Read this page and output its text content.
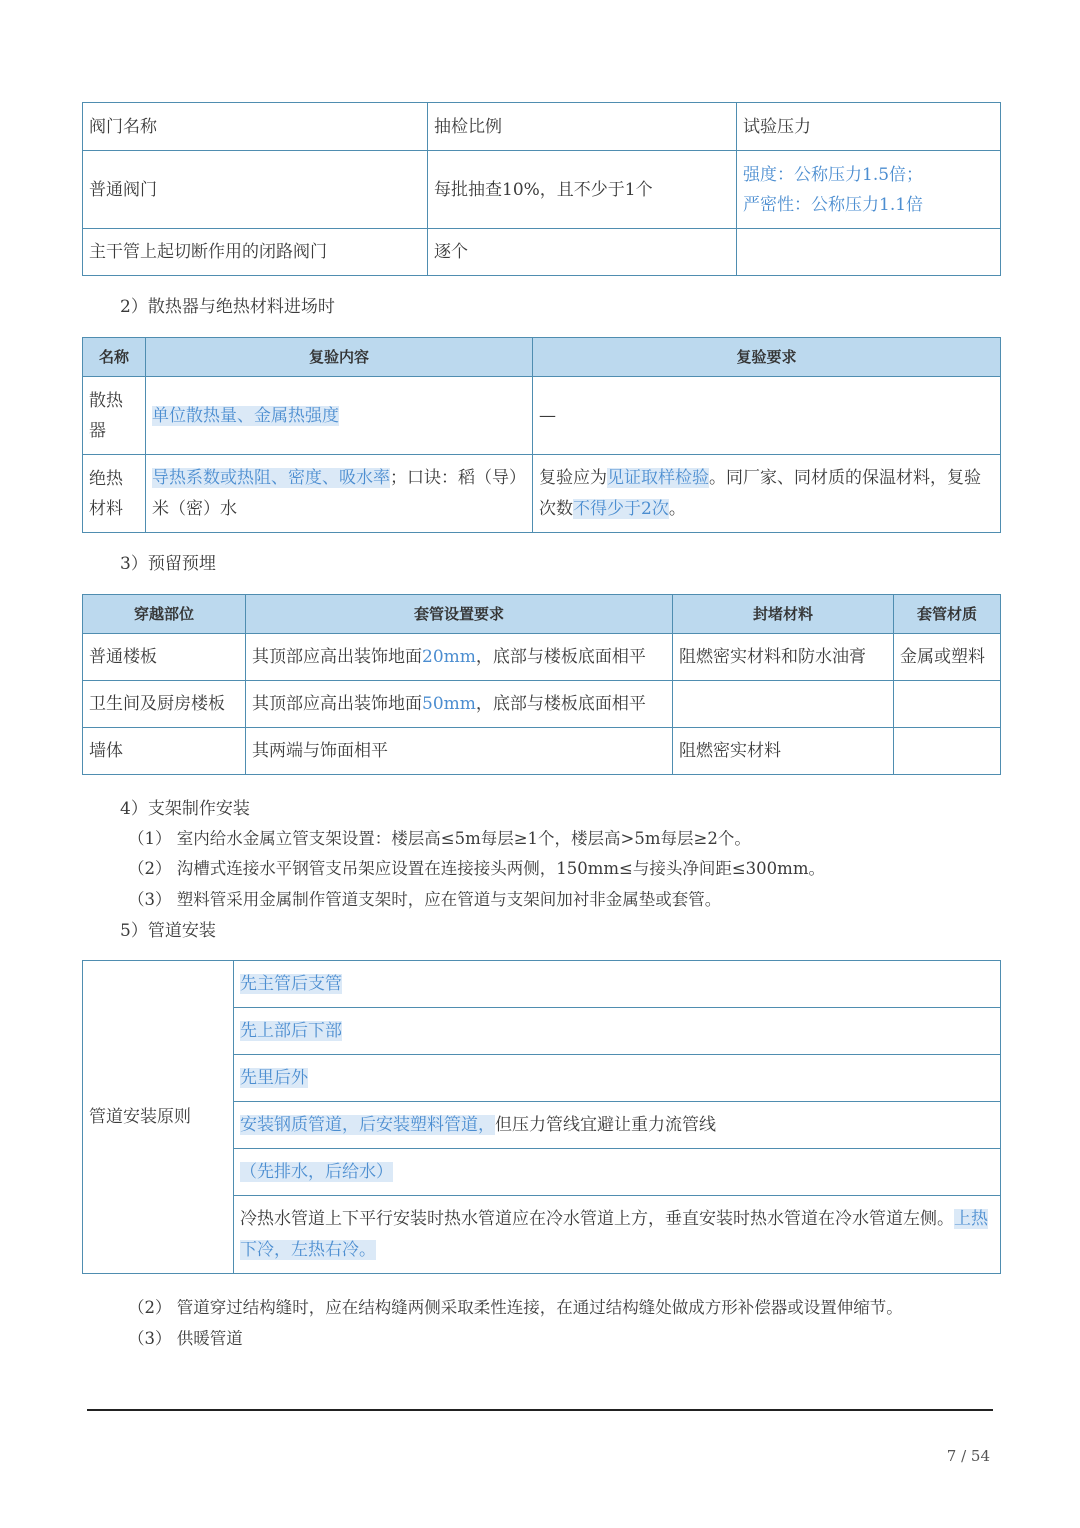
阀门名称	抽检比例	试验压力
普通阀门	每批抽查10%，且不少于1个	强度：公称压力1.5倍；
严密性：公称压力1.1倍

主干管上起切断作用的闭路阀门	逐个	
2）散热器与绝热材料进场时
名称	复验内容	复验要求
散热器	单位散热量、金属热强度	—
绝热材料	导热系数或热阻、密度、吸水率；口诀：稻（导）米（密）水	复验应为见证取样检验。同厂家、同材质的保温材料，复验次数不得少于2次。
3）预留预埋
穿越部位	套管设置要求	封堵材料	套管材质
普通楼板	其顶部应高出装饰地面20mm，底部与楼板底面相平	阻燃密实材料和防水油膏	金属或塑料
卫生间及厨房楼板	其顶部应高出装饰地面50mm，底部与楼板底面相平		
墙体	其两端与饰面相平	阻燃密实材料	
4）支架制作安装
（1） 室内给水金属立管支架设置：楼层高≤5m每层≥1个，楼层高>5m每层≥2个。
（2） 沟槽式连接水平钢管支吊架应设置在连接接头两侧，150mm≤与接头净间距≤300mm。
（3） 塑料管采用金属制作管道支架时，应在管道与支架间加衬非金属垫或套管。
5）管道安装
管道安装原则	先主管后支管
先上部后下部
先里后外
安装钢质管道，后安装塑料管道，但压力管线宜避让重力流管线
（先排水，后给水）
冷热水管道上下平行安装时热水管道应在冷水管道上方，垂直安装时热水管道在冷水管道左侧。上热下冷，左热右冷。
（2） 管道穿过结构缝时，应在结构缝两侧采取柔性连接，在通过结构缝处做成方形补偿器或设置伸缩节。
（3） 供暖管道
7 / 54
